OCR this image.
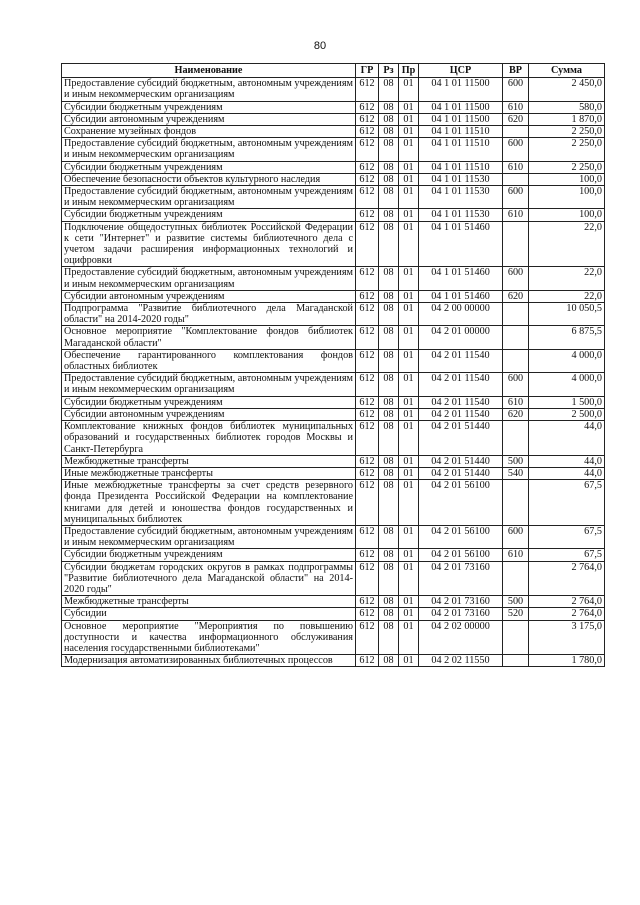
80
Наименование	ГР	Рз	Пр	ЦСР	ВР	Сумма
Предоставление субсидий бюджетным, автономным учреждениям и иным некоммерческим организациям	612	08	01	04 1 01 11500	600	2 450,0
Субсидии бюджетным учреждениям	612	08	01	04 1 01 11500	610	580,0
Субсидии автономным учреждениям	612	08	01	04 1 01 11500	620	1 870,0
Сохранение музейных фондов	612	08	01	04 1 01 11510		2 250,0
Предоставление субсидий бюджетным, автономным учреждениям и иным некоммерческим организациям	612	08	01	04 1 01 11510	600	2 250,0
Субсидии бюджетным учреждениям	612	08	01	04 1 01 11510	610	2 250,0
Обеспечение безопасности объектов культурного наследия	612	08	01	04 1 01 11530		100,0
Предоставление субсидий бюджетным, автономным учреждениям и иным некоммерческим организациям	612	08	01	04 1 01 11530	600	100,0
Субсидии бюджетным учреждениям	612	08	01	04 1 01 11530	610	100,0
Подключение общедоступных библиотек Российской Федерации к сети "Интернет" и развитие системы библиотечного дела с учетом задачи расширения информационных технологий и оцифровки	612	08	01	04 1 01 51460		22,0
Предоставление субсидий бюджетным, автономным учреждениям и иным некоммерческим организациям	612	08	01	04 1 01 51460	600	22,0
Субсидии автономным учреждениям	612	08	01	04 1 01 51460	620	22,0
Подпрограмма "Развитие библиотечного дела Магаданской области" на 2014-2020 годы"	612	08	01	04 2 00 00000		10 050,5
Основное мероприятие "Комплектование фондов библиотек Магаданской области"	612	08	01	04 2 01 00000		6 875,5
Обеспечение гарантированного комплектования фондов областных библиотек	612	08	01	04 2 01 11540		4 000,0
Предоставление субсидий бюджетным, автономным учреждениям и иным некоммерческим организациям	612	08	01	04 2 01 11540	600	4 000,0
Субсидии бюджетным учреждениям	612	08	01	04 2 01 11540	610	1 500,0
Субсидии автономным учреждениям	612	08	01	04 2 01 11540	620	2 500,0
Комплектование книжных фондов библиотек муниципальных образований и государственных библиотек городов Москвы и Санкт-Петербурга	612	08	01	04 2 01 51440		44,0
Межбюджетные трансферты	612	08	01	04 2 01 51440	500	44,0
Иные межбюджетные трансферты	612	08	01	04 2 01 51440	540	44,0
Иные межбюджетные трансферты за счет средств резервного фонда Президента Российской Федерации на комплектование книгами для детей и юношества фондов государственных и муниципальных библиотек	612	08	01	04 2 01 56100		67,5
Предоставление субсидий бюджетным, автономным учреждениям и иным некоммерческим организациям	612	08	01	04 2 01 56100	600	67,5
Субсидии бюджетным учреждениям	612	08	01	04 2 01 56100	610	67,5
Субсидии бюджетам городских округов в рамках подпрограммы "Развитие библиотечного дела Магаданской области" на 2014-2020 годы"	612	08	01	04 2 01 73160		2 764,0
Межбюджетные трансферты	612	08	01	04 2 01 73160	500	2 764,0
Субсидии	612	08	01	04 2 01 73160	520	2 764,0
Основное мероприятие "Мероприятия по повышению доступности и качества информационного обслуживания населения государственными библиотеками"	612	08	01	04 2 02 00000		3 175,0
Модернизация автоматизированных библиотечных процессов	612	08	01	04 2 02 11550		1 780,0
